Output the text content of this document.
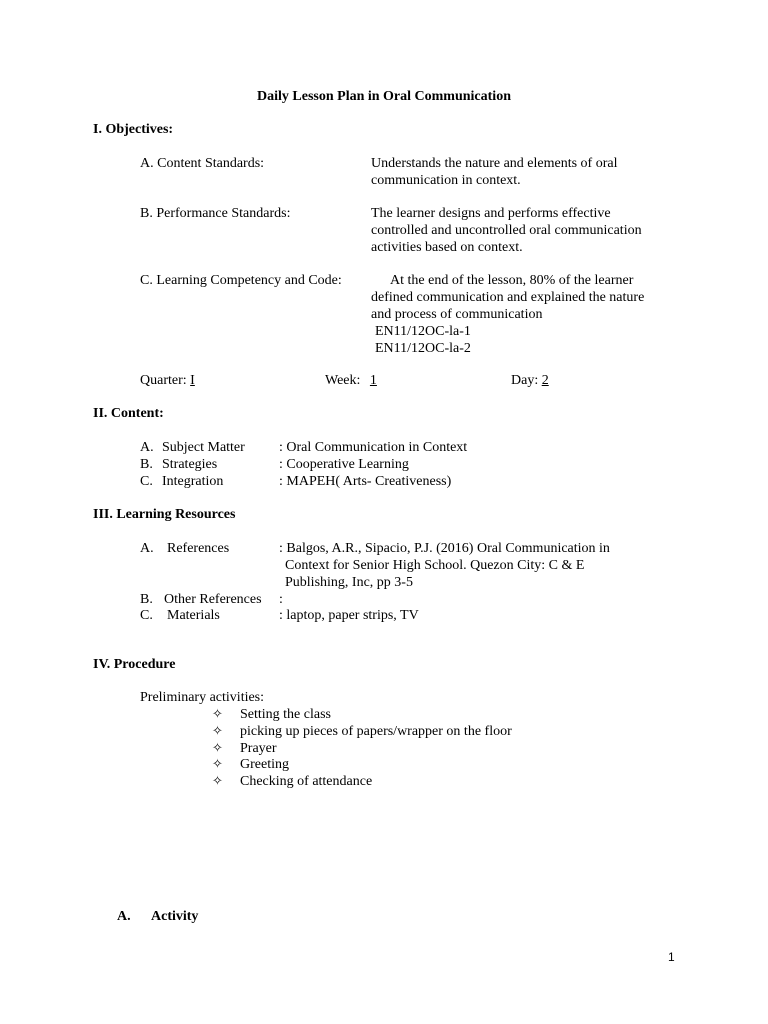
Daily Lesson Plan in Oral Communication
I. Objectives:
A. Content Standards:	Understands the nature and elements of oral
communication in context.
B. Performance Standards:	The learner designs and performs effective
controlled and uncontrolled oral communication
activities based on context.
C. Learning Competency and Code:	At the end of the lesson, 80% of the learner
defined communication and explained the nature
and process of communication
EN11/12OC-la-1
EN11/12OC-la-2
Quarter: I	Week: 1	Day: 2
II. Content:
A. Subject Matter : Oral Communication in Context
B. Strategies	: Cooperative Learning
C. Integration	: MAPEH( Arts- Creativeness)
III. Learning Resources
A. References	: Balgos, A.R., Sipacio, P.J. (2016) Oral Communication in
Context for Senior High School. Quezon City: C & E
Publishing, Inc, pp 3-5
B. Other References :
C. Materials	: laptop, paper strips, TV
IV. Procedure
Preliminary activities:
✧ Setting the class
✧ picking up pieces of papers/wrapper on the floor
✧ Prayer
✧ Greeting
✧ Checking of attendance
A. Activity
1
